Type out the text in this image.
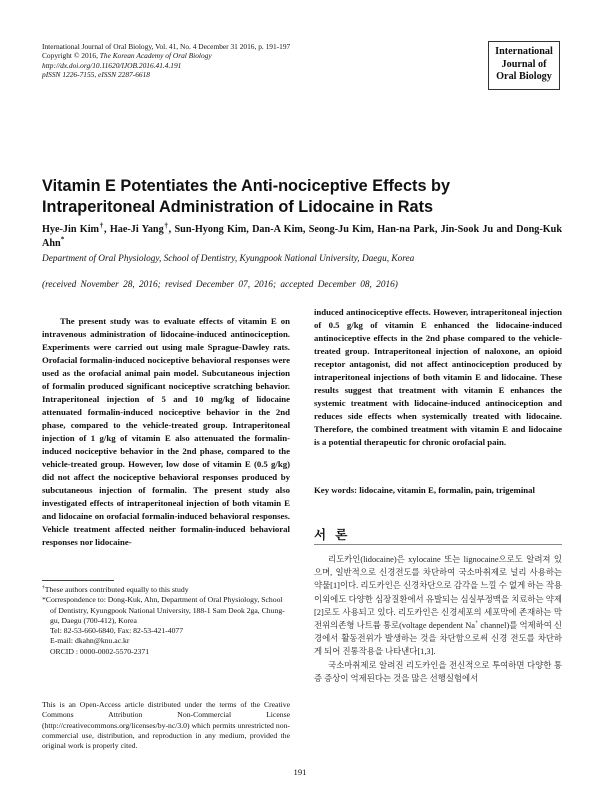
International Journal of Oral Biology, Vol. 41, No. 4 December 31 2016, p. 191-197
Copyright © 2016, The Korean Academy of Oral Biology
http://dx.doi.org/10.11620/IJOB.2016.41.4.191
pISSN 1226-7155, eISSN 2287-6618
International
Journal of
Oral Biology
Vitamin E Potentiates the Anti-nociceptive Effects by Intraperitoneal Administration of Lidocaine in Rats
Hye-Jin Kim†, Hae-Ji Yang†, Sun-Hyong Kim, Dan-A Kim, Seong-Ju Kim, Han-na Park, Jin-Sook Ju and Dong-Kuk Ahn*
Department of Oral Physiology, School of Dentistry, Kyungpook National University, Daegu, Korea
(received November 28, 2016; revised December 07, 2016; accepted December 08, 2016)
The present study was to evaluate effects of vitamin E on intravenous administration of lidocaine-induced antinociception. Experiments were carried out using male Sprague-Dawley rats. Orofacial formalin-induced nociceptive behavioral responses were used as the orofacial animal pain model. Subcutaneous injection of formalin produced significant nociceptive scratching behavior. Intraperitoneal injection of 5 and 10 mg/kg of lidocaine attenuated formalin-induced nociceptive behavior in the 2nd phase, compared to the vehicle-treated group. Intraperitoneal injection of 1 g/kg of vitamin E also attenuated the formalin-induced nociceptive behavior in the 2nd phase, compared to the vehicle-treated group. However, low dose of vitamin E (0.5 g/kg) did not affect the nociceptive behavioral responses produced by subcutaneous injection of formalin. The present study also investigated effects of intraperitoneal injection of both vitamin E and lidocaine on orofacial formalin-induced behavioral responses. Vehicle treatment affected neither formalin-induced behavioral responses nor lidocaine-
induced antinociceptive effects. However, intraperitoneal injection of 0.5 g/kg of vitamin E enhanced the lidocaine-induced antinociceptive effects in the 2nd phase compared to the vehicle-treated group. Intraperitoneal injection of naloxone, an opioid receptor antagonist, did not affect antinociception produced by intraperitoneal injections of both vitamin E and lidocaine. These results suggest that treatment with vitamin E enhances the systemic treatment with lidocaine-induced antinociception and reduces side effects when systemically treated with lidocaine. Therefore, the combined treatment with vitamin E and lidocaine is a potential therapeutic for chronic orofacial pain.
Key words: lidocaine, vitamin E, formalin, pain, trigeminal
서 론

리도카인(lidocaine)은 xylocaine 또는 lignocaine으로도 알려져 있으며, 일반적으로 신경전도를 차단하여 국소마취제로 널리 사용하는 약물[1]이다. 리도카인은 신경차단으로 감각을 느낄 수 없게 하는 작용 이외에도 다양한 심장질환에서 유발되는 심실부정맥을 치료하는 약제[2]로도 사용되고 있다. 리도카인은 신경세포의 세포막에 존재하는 막전위의존형 나트륨 통로(voltage dependent Na+ channel)를 억제하여 신경에서 활동전위가 발생하는 것을 차단함으로써 신경 전도를 차단하게 되어 진통작용을 나타낸다[1,3].

국소마취제로 알려진 리도카인을 전신적으로 투여하면 다양한 통증 증상이 억제된다는 것을 많은 선행실험에서

†These authors contributed equally to this study
*Correspondence to: Dong-Kuk, Ahn, Department of Oral Physiology, School of Dentistry, Kyungpook National University, 188-1 Sam Deok 2ga, Chung-gu, Daegu (700-412), Korea
Tel: 82-53-660-6840, Fax: 82-53-421-4077
E-mail: dkahn@knu.ac.kr
ORCID : 0000-0002-5570-2371
This is an Open-Access article distributed under the terms of the Creative Commons Attribution Non-Commercial License (http://creativecommons.org/licenses/by-nc/3.0) which permits unrestricted non-commercial use, distribution, and reproduction in any medium, provided the original work is properly cited.
191
